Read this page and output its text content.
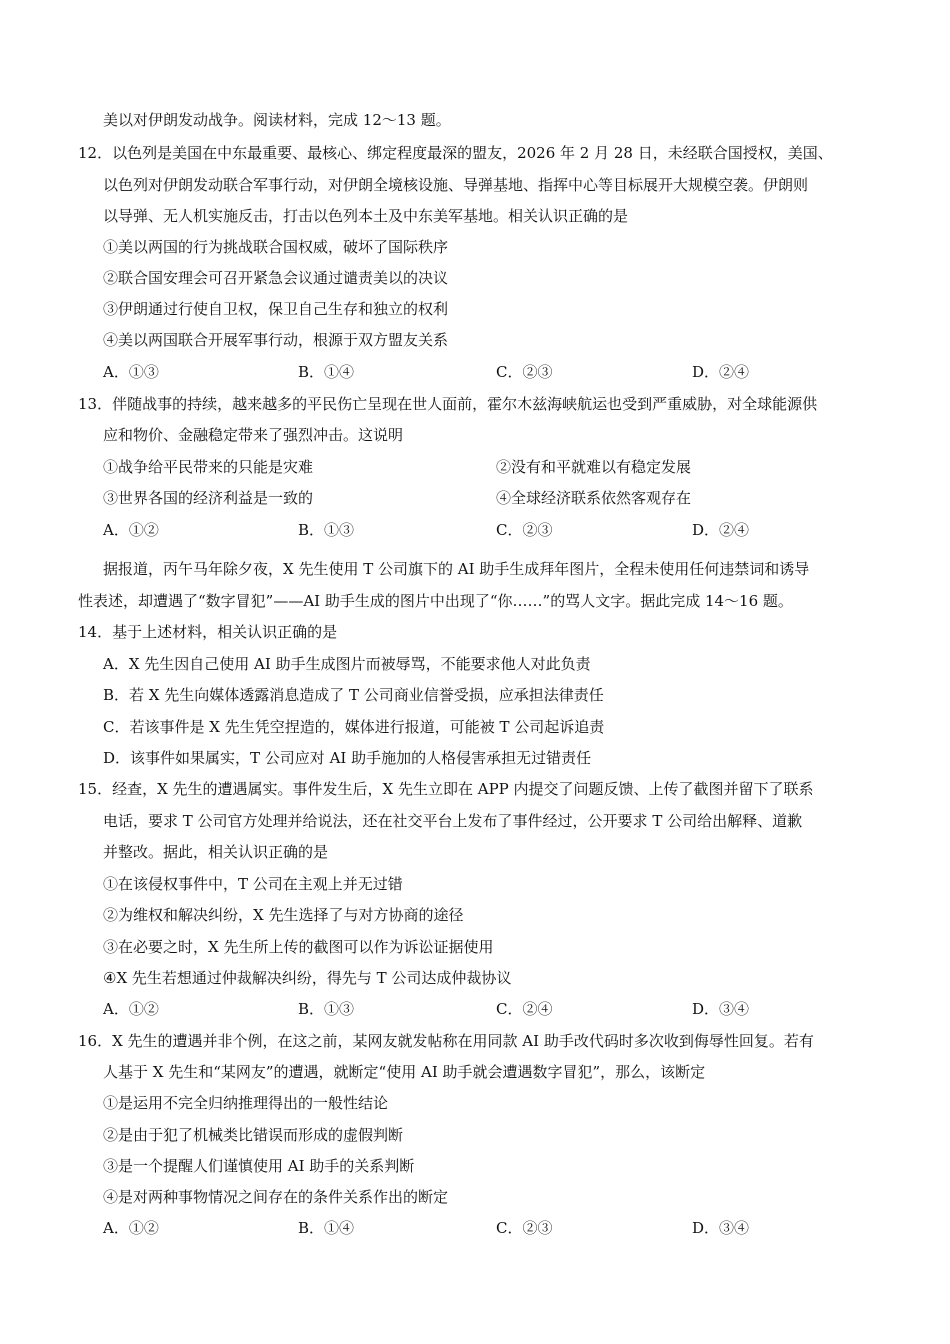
美以对伊朗发动战争。阅读材料，完成 12～13 题。
12．以色列是美国在中东最重要、最核心、绑定程度最深的盟友，2026 年 2 月 28 日，未经联合国授权，美国、
以色列对伊朗发动联合军事行动，对伊朗全境核设施、导弹基地、指挥中心等目标展开大规模空袭。伊朗则
以导弹、无人机实施反击，打击以色列本土及中东美军基地。相关认识正确的是
①美以两国的行为挑战联合国权威，破坏了国际秩序
②联合国安理会可召开紧急会议通过谴责美以的决议
③伊朗通过行使自卫权，保卫自己生存和独立的权利
④美以两国联合开展军事行动，根源于双方盟友关系
A．①③	B．①④	C．②③	D．②④
13．伴随战事的持续，越来越多的平民伤亡呈现在世人面前，霍尔木兹海峡航运也受到严重威胁，对全球能源供
应和物价、金融稳定带来了强烈冲击。这说明
①战争给平民带来的只能是灾难	②没有和平就难以有稳定发展
③世界各国的经济利益是一致的	④全球经济联系依然客观存在
A．①②	B．①③	C．②③	D．②④
据报道，丙午马年除夕夜，X 先生使用 T 公司旗下的 AI 助手生成拜年图片，全程未使用任何违禁词和诱导
性表述，却遭遇了“数字冒犯”——AI 助手生成的图片中出现了“你……”的骂人文字。据此完成 14～16 题。
14．基于上述材料，相关认识正确的是
A．X 先生因自己使用 AI 助手生成图片而被辱骂，不能要求他人对此负责
B．若 X 先生向媒体透露消息造成了 T 公司商业信誉受损，应承担法律责任
C．若该事件是 X 先生凭空捏造的，媒体进行报道，可能被 T 公司起诉追责
D．该事件如果属实，T 公司应对 AI 助手施加的人格侵害承担无过错责任
15．经查，X 先生的遭遇属实。事件发生后，X 先生立即在 APP 内提交了问题反馈、上传了截图并留下了联系
电话，要求 T 公司官方处理并给说法，还在社交平台上发布了事件经过，公开要求 T 公司给出解释、道歉
并整改。据此，相关认识正确的是
①在该侵权事件中，T 公司在主观上并无过错
②为维权和解决纠纷，X 先生选择了与对方协商的途径
③在必要之时，X 先生所上传的截图可以作为诉讼证据使用
④X 先生若想通过仲裁解决纠纷，得先与 T 公司达成仲裁协议
A．①②	B．①③	C．②④	D．③④
16．X 先生的遭遇并非个例，在这之前，某网友就发帖称在用同款 AI 助手改代码时多次收到侮辱性回复。若有
人基于 X 先生和“某网友”的遭遇，就断定“使用 AI 助手就会遭遇数字冒犯”，那么，该断定
①是运用不完全归纳推理得出的一般性结论
②是由于犯了机械类比错误而形成的虚假判断
③是一个提醒人们谨慎使用 AI 助手的关系判断
④是对两种事物情况之间存在的条件关系作出的断定
A．①②	B．①④	C．②③	D．③④
